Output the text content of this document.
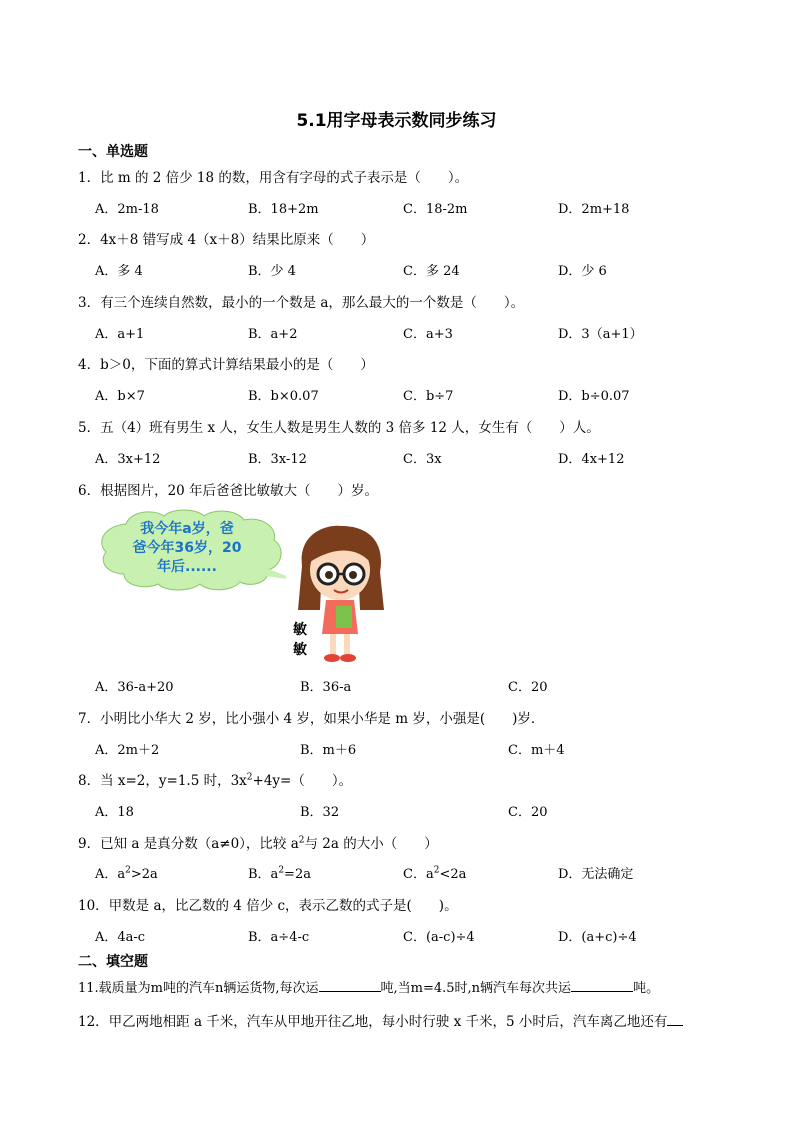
5.1用字母表示数同步练习
一、单选题
1．比 m 的 2 倍少 18 的数，用含有字母的式子表示是（　　）。
A．2m-18	B．18+2m	C．18-2m	D．2m+18
2．4x＋8 错写成 4（x＋8）结果比原来（　　）
A．多 4	B．少 4	C．多 24	D．少 6
3．有三个连续自然数，最小的一个数是 a，那么最大的一个数是（　　）。
A．a+1	B．a+2	C．a+3	D．3（a+1）
4．b＞0，下面的算式计算结果最小的是（　　）
A．b×7	B．b×0.07	C．b÷7	D．b÷0.07
5．五（4）班有男生 x 人，女生人数是男生人数的 3 倍多 12 人，女生有（　　）人。
A．3x+12	B．3x-12	C．3x	D．4x+12
6．根据图片，20 年后爸爸比敏敏大（　　）岁。
我今年a岁，爸
爸今年36岁，20
年后......
敏
敏
A．36-a+20	B．36-a	C．20
7．小明比小华大 2 岁，比小强小 4 岁，如果小华是 m 岁，小强是(　　)岁．
A．2m＋2	B．m＋6	C．m＋4
8．当 x=2，y=1.5 时，$3x^2+4y=$（　　）。
A．18	B．32	C．20
9．已知 a 是真分数（a≠0），比较 $a^2$与 2a 的大小（　　）
A．$a^2>2a$	B．$a^2=2a$	C．$a^2<2a$	D．无法确定
10．甲数是 a，比乙数的 4 倍少 c，表示乙数的式子是(　　)。
A．4a-c	B．a÷4-c	C．(a-c)÷4	D．(a+c)÷4
二、填空题
11.载质量为m吨的汽车n辆运货物,每次运	吨,当m=4.5时,n辆汽车每次共运	吨。
12．甲乙两地相距 a 千米，汽车从甲地开往乙地，每小时行驶 x 千米，5 小时后，汽车离乙地还有
